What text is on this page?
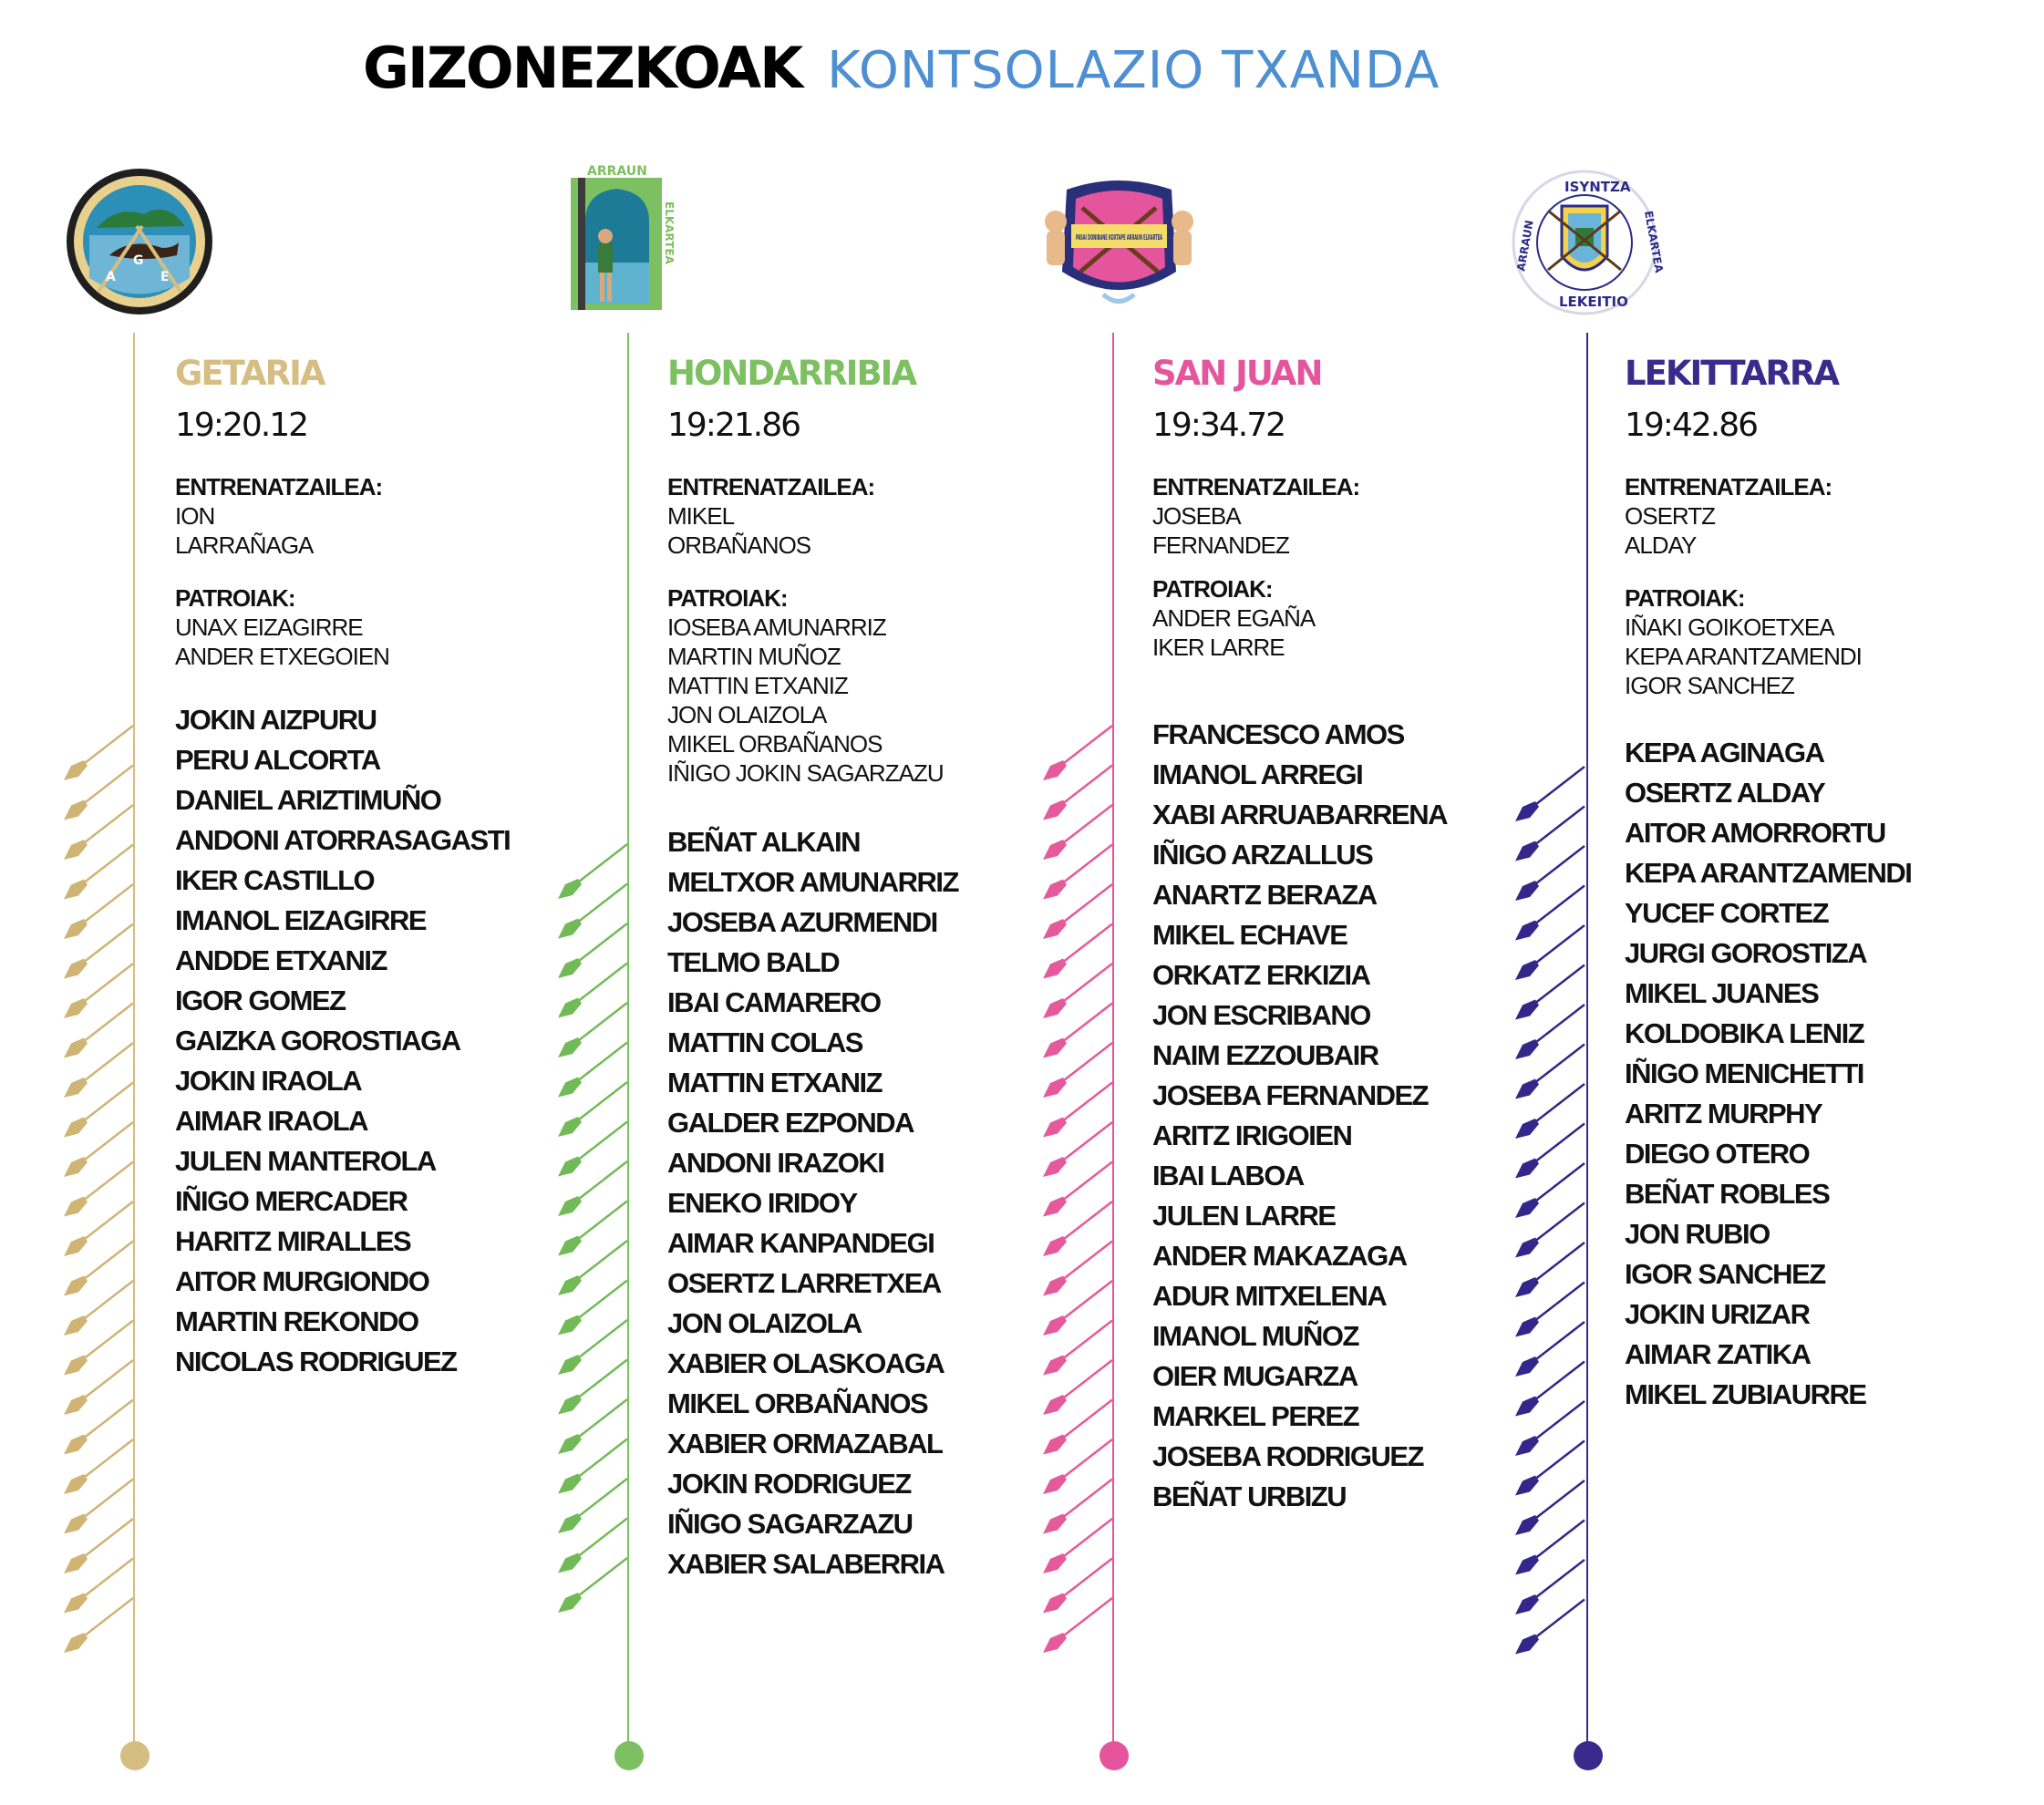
GIZONEZKOAK KONTSOLAZIO TXANDA
A
G
E
GETARIA
19:20.12
ENTRENATZAILEA:
ION
LARRAÑAGA
PATROIAK:
UNAX EIZAGIRRE
ANDER ETXEGOIEN
JOKIN AIZPURU
PERU ALCORTA
DANIEL ARIZTIMUÑO
ANDONI ATORRASAGASTI
IKER CASTILLO
IMANOL EIZAGIRRE
ANDDE ETXANIZ
IGOR GOMEZ
GAIZKA GOROSTIAGA
JOKIN IRAOLA
AIMAR IRAOLA
JULEN MANTEROLA
IÑIGO MERCADER
HARITZ MIRALLES
AITOR MURGIONDO
MARTIN REKONDO
NICOLAS RODRIGUEZ
ARRAUN
HONDARRIBIA	ELKARTEA
HONDARRIBIA
19:21.86
ENTRENATZAILEA:
MIKEL
ORBAÑANOS
PATROIAK:
IOSEBA AMUNARRIZ
MARTIN MUÑOZ
MATTIN ETXANIZ
JON OLAIZOLA
MIKEL ORBAÑANOS
IÑIGO JOKIN SAGARZAZU
BEÑAT ALKAIN
MELTXOR AMUNARRIZ
JOSEBA AZURMENDI
TELMO BALD
IBAI CAMARERO
MATTIN COLAS
MATTIN ETXANIZ
GALDER EZPONDA
ANDONI IRAZOKI
ENEKO IRIDOY
AIMAR KANPANDEGI
OSERTZ LARRETXEA
JON OLAIZOLA
XABIER OLASKOAGA
MIKEL ORBAÑANOS
XABIER ORMAZABAL
JOKIN RODRIGUEZ
IÑIGO SAGARZAZU
XABIER SALABERRIA
PASAI DONIBANE KOXTAPE ARRAUN ELKARTEA
SAN JUAN
19:34.72
ENTRENATZAILEA:
JOSEBA
FERNANDEZ
PATROIAK:
ANDER EGAÑA
IKER LARRE
FRANCESCO AMOS
IMANOL ARREGI
XABI ARRUABARRENA
IÑIGO ARZALLUS
ANARTZ BERAZA
MIKEL ECHAVE
ORKATZ ERKIZIA
JON ESCRIBANO
NAIM EZZOUBAIR
JOSEBA FERNANDEZ
ARITZ IRIGOIEN
IBAI LABOA
JULEN LARRE
ANDER MAKAZAGA
ADUR MITXELENA
IMANOL MUÑOZ
OIER MUGARZA
MARKEL PEREZ
JOSEBA RODRIGUEZ
BEÑAT URBIZU
ISYNTZA
ARRAUN	ELKARTEA
LEKEITIO
LEKITTARRA
19:42.86
ENTRENATZAILEA:
OSERTZ
ALDAY
PATROIAK:
IÑAKI GOIKOETXEA
KEPA ARANTZAMENDI
IGOR SANCHEZ
KEPA AGINAGA
OSERTZ ALDAY
AITOR AMORRORTU
KEPA ARANTZAMENDI
YUCEF CORTEZ
JURGI GOROSTIZA
MIKEL JUANES
KOLDOBIKA LENIZ
IÑIGO MENICHETTI
ARITZ MURPHY
DIEGO OTERO
BEÑAT ROBLES
JON RUBIO
IGOR SANCHEZ
JOKIN URIZAR
AIMAR ZATIKA
MIKEL ZUBIAURRE
